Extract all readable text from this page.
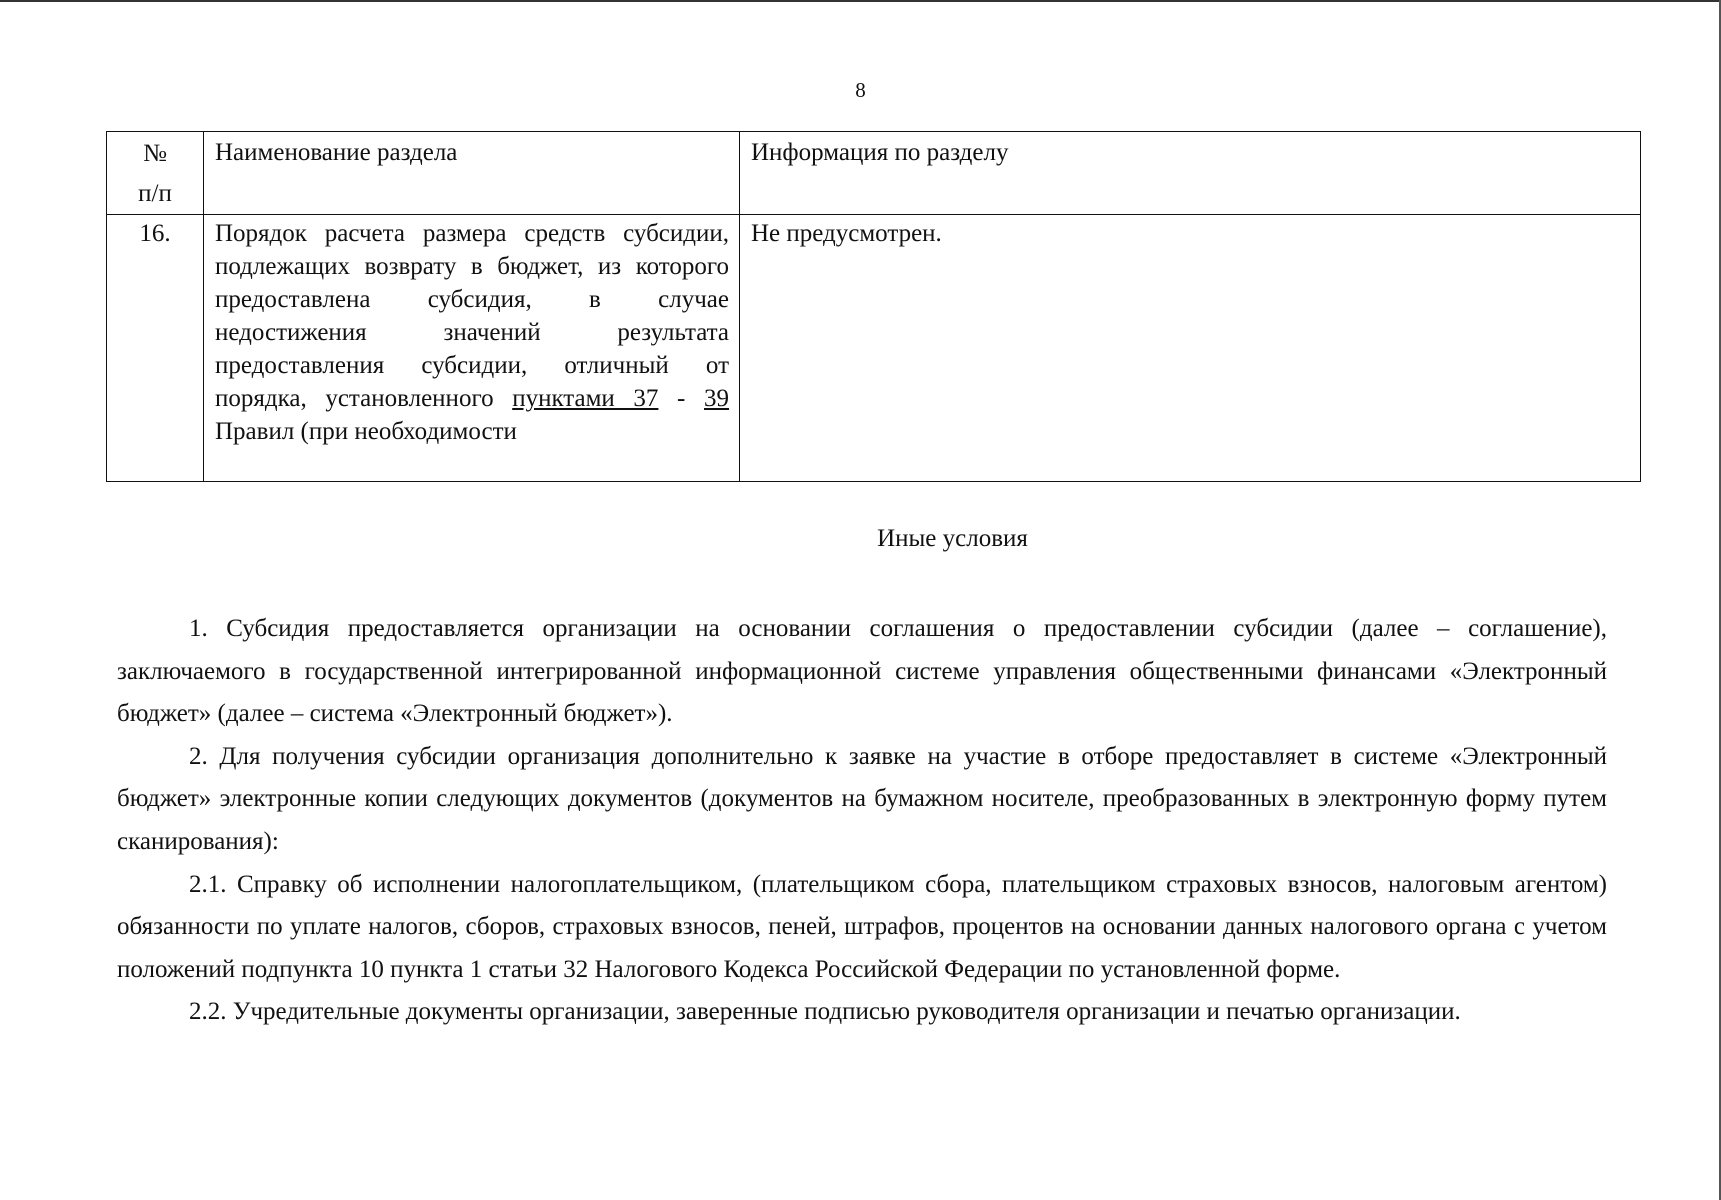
8
№
п/п	Наименование раздела	Информация по разделу
16.	Порядок расчета размера средств субсидии, подлежащих возврату в бюджет, из которого предоставлена субсидия, в случае недостижения значений результата предоставления субсидии, отличный от порядка, установленного пунктами 37 - 39 Правил (при необходимости	Не предусмотрен.
Иные условия

1. Субсидия предоставляется организации на основании соглашения о предоставлении субсидии (далее – соглашение), заключаемого в государственной интегрированной информационной системе управления общественными финансами «Электронный бюджет» (далее – система «Электронный бюджет»).

2. Для получения субсидии организация дополнительно к заявке на участие в отборе предоставляет в системе «Электронный бюджет» электронные копии следующих документов (документов на бумажном носителе, преобразованных в электронную форму путем сканирования):

2.1. Справку об исполнении налогоплательщиком, (плательщиком сбора, плательщиком страховых взносов, налоговым агентом) обязанности по уплате налогов, сборов, страховых взносов, пеней, штрафов, процентов на основании данных налогового органа с учетом положений подпункта 10 пункта 1 статьи 32 Налогового Кодекса Российской Федерации по установленной форме.

2.2. Учредительные документы организации, заверенные подписью руководителя организации и печатью организации.
